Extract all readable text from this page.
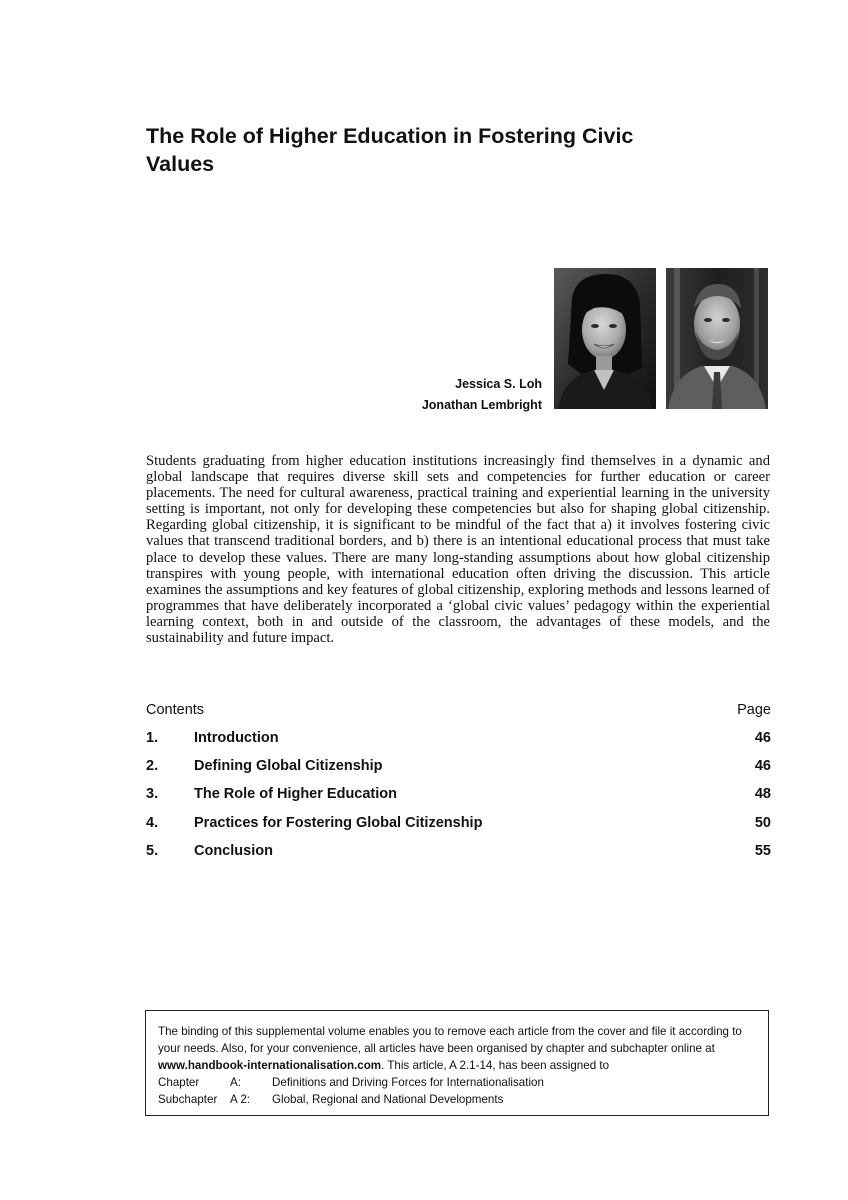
The Role of Higher Education in Fostering Civic Values
Jessica S. Loh
Jonathan Lembright

Students graduating from higher education institutions increasingly find themselves in a dynamic and global landscape that requires diverse skill sets and competencies for further education or career placements. The need for cultural awareness, practical training and experiential learning in the university setting is important, not only for developing these competencies but also for shaping global citizenship. Regarding global citizenship, it is significant to be mindful of the fact that a) it involves fostering civic values that transcend traditional borders, and b) there is an intentional educational process that must take place to develop these values. There are many long-standing assumptions about how global citizenship transpires with young people, with international education often driving the discussion. This article examines the assumptions and key features of global citizenship, exploring methods and lessons learned of programmes that have deliberately incorporated a ‘global civic values’ pedagogy within the experiential learning context, both in and outside of the classroom, the advantages of these models, and the sustainability and future impact.

Contents	Page
1.	Introduction	46
2.	Defining Global Citizenship	46
3.	The Role of Higher Education	48
4.	Practices for Fostering Global Citizenship	50
5.	Conclusion	55

The binding of this supplemental volume enables you to remove each article from the cover and file it according to your needs. Also, for your convenience, all articles have been organised by chapter and subchapter online at www.handbook-internationalisation.com. This article, A 2.1-14, has been assigned to

Chapter	A:	Definitions and Driving Forces for Internationalisation
Subchapter	A 2:	Global, Regional and National Developments
